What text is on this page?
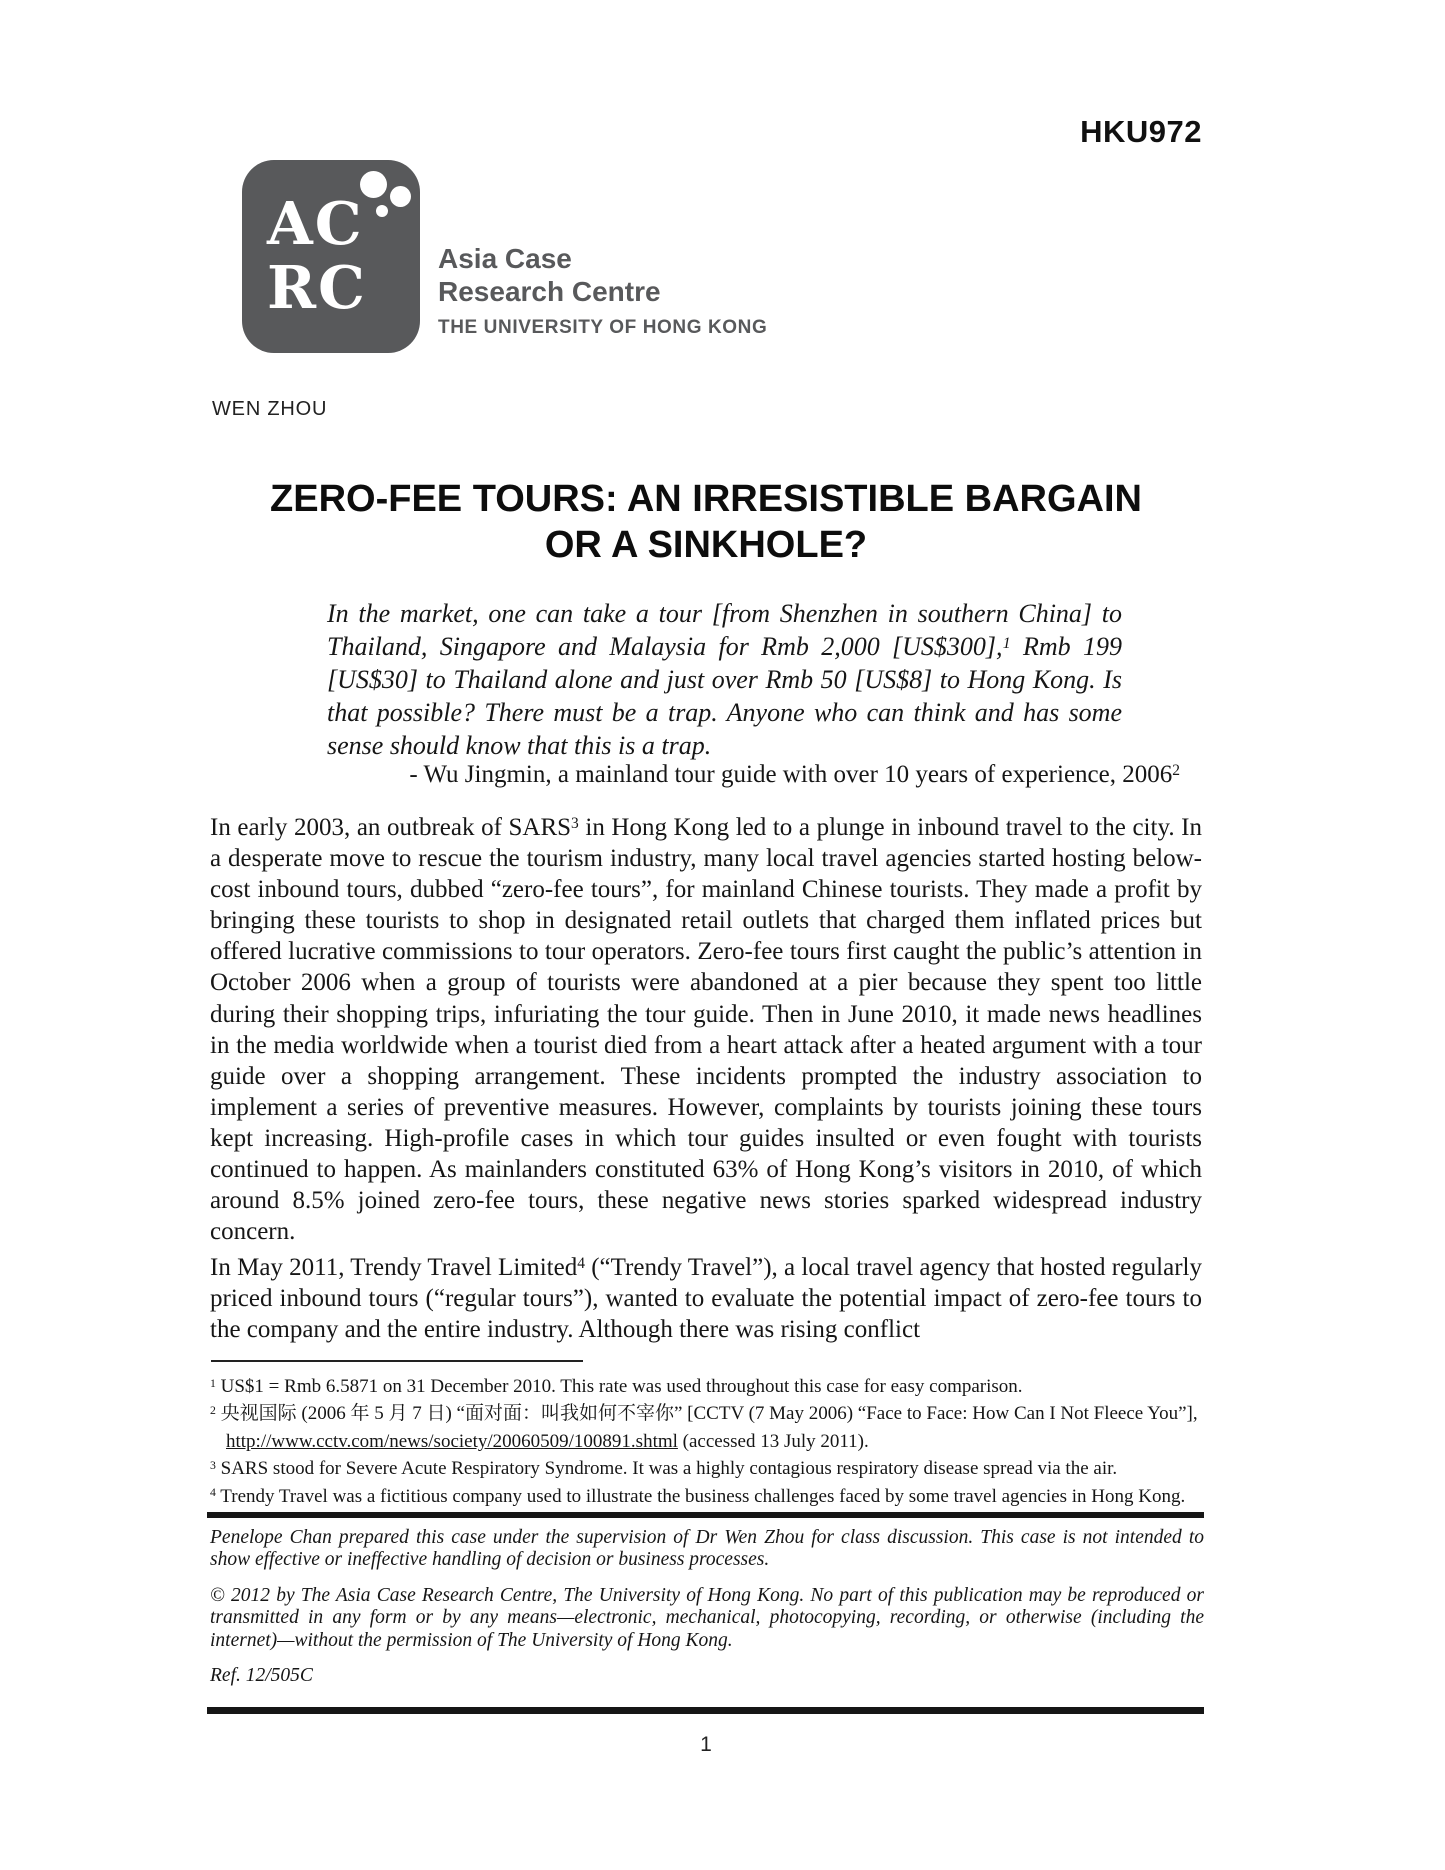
HKU972
AC
RC	Asia Case
Research Centre
THE UNIVERSITY OF HONG KONG
WEN ZHOU
ZERO-FEE TOURS: AN IRRESISTIBLE BARGAIN
OR A SINKHOLE?
In the market, one can take a tour [from Shenzhen in southern China] to Thailand, Singapore and Malaysia for Rmb 2,000 [US$300],$^1$ Rmb 199 [US$30] to Thailand alone and just over Rmb 50 [US$8] to Hong Kong. Is that possible? There must be a trap. Anyone who can think and has some sense should know that this is a trap.
- Wu Jingmin, a mainland tour guide with over 10 years of experience, 2006$^2$
In early 2003, an outbreak of SARS$^3$ in Hong Kong led to a plunge in inbound travel to the city. In a desperate move to rescue the tourism industry, many local travel agencies started hosting below-cost inbound tours, dubbed “zero-fee tours”, for mainland Chinese tourists. They made a profit by bringing these tourists to shop in designated retail outlets that charged them inflated prices but offered lucrative commissions to tour operators. Zero-fee tours first caught the public’s attention in October 2006 when a group of tourists were abandoned at a pier because they spent too little during their shopping trips, infuriating the tour guide. Then in June 2010, it made news headlines in the media worldwide when a tourist died from a heart attack after a heated argument with a tour guide over a shopping arrangement. These incidents prompted the industry association to implement a series of preventive measures. However, complaints by tourists joining these tours kept increasing. High-profile cases in which tour guides insulted or even fought with tourists continued to happen. As mainlanders constituted 63% of Hong Kong’s visitors in 2010, of which around 8.5% joined zero-fee tours, these negative news stories sparked widespread industry concern.
In May 2011, Trendy Travel Limited$^4$ (“Trendy Travel”), a local travel agency that hosted regularly priced inbound tours (“regular tours”), wanted to evaluate the potential impact of zero-fee tours to the company and the entire industry. Although there was rising conflict
$^1$ US$1 = Rmb 6.5871 on 31 December 2010. This rate was used throughout this case for easy comparison.
$^2$ 央视国际 (2006 年 5 月 7 日) “面对面：叫我如何不宰你” [CCTV (7 May 2006) “Face to Face: How Can I Not Fleece You”], http://www.cctv.com/news/society/20060509/100891.shtml (accessed 13 July 2011).
$^3$ SARS stood for Severe Acute Respiratory Syndrome. It was a highly contagious respiratory disease spread via the air.
$^4$ Trendy Travel was a fictitious company used to illustrate the business challenges faced by some travel agencies in Hong Kong.

Penelope Chan prepared this case under the supervision of Dr Wen Zhou for class discussion. This case is not intended to show effective or ineffective handling of decision or business processes.

© 2012 by The Asia Case Research Centre, The University of Hong Kong. No part of this publication may be reproduced or transmitted in any form or by any means—electronic, mechanical, photocopying, recording, or otherwise (including the internet)—without the permission of The University of Hong Kong.

Ref. 12/505C

1
